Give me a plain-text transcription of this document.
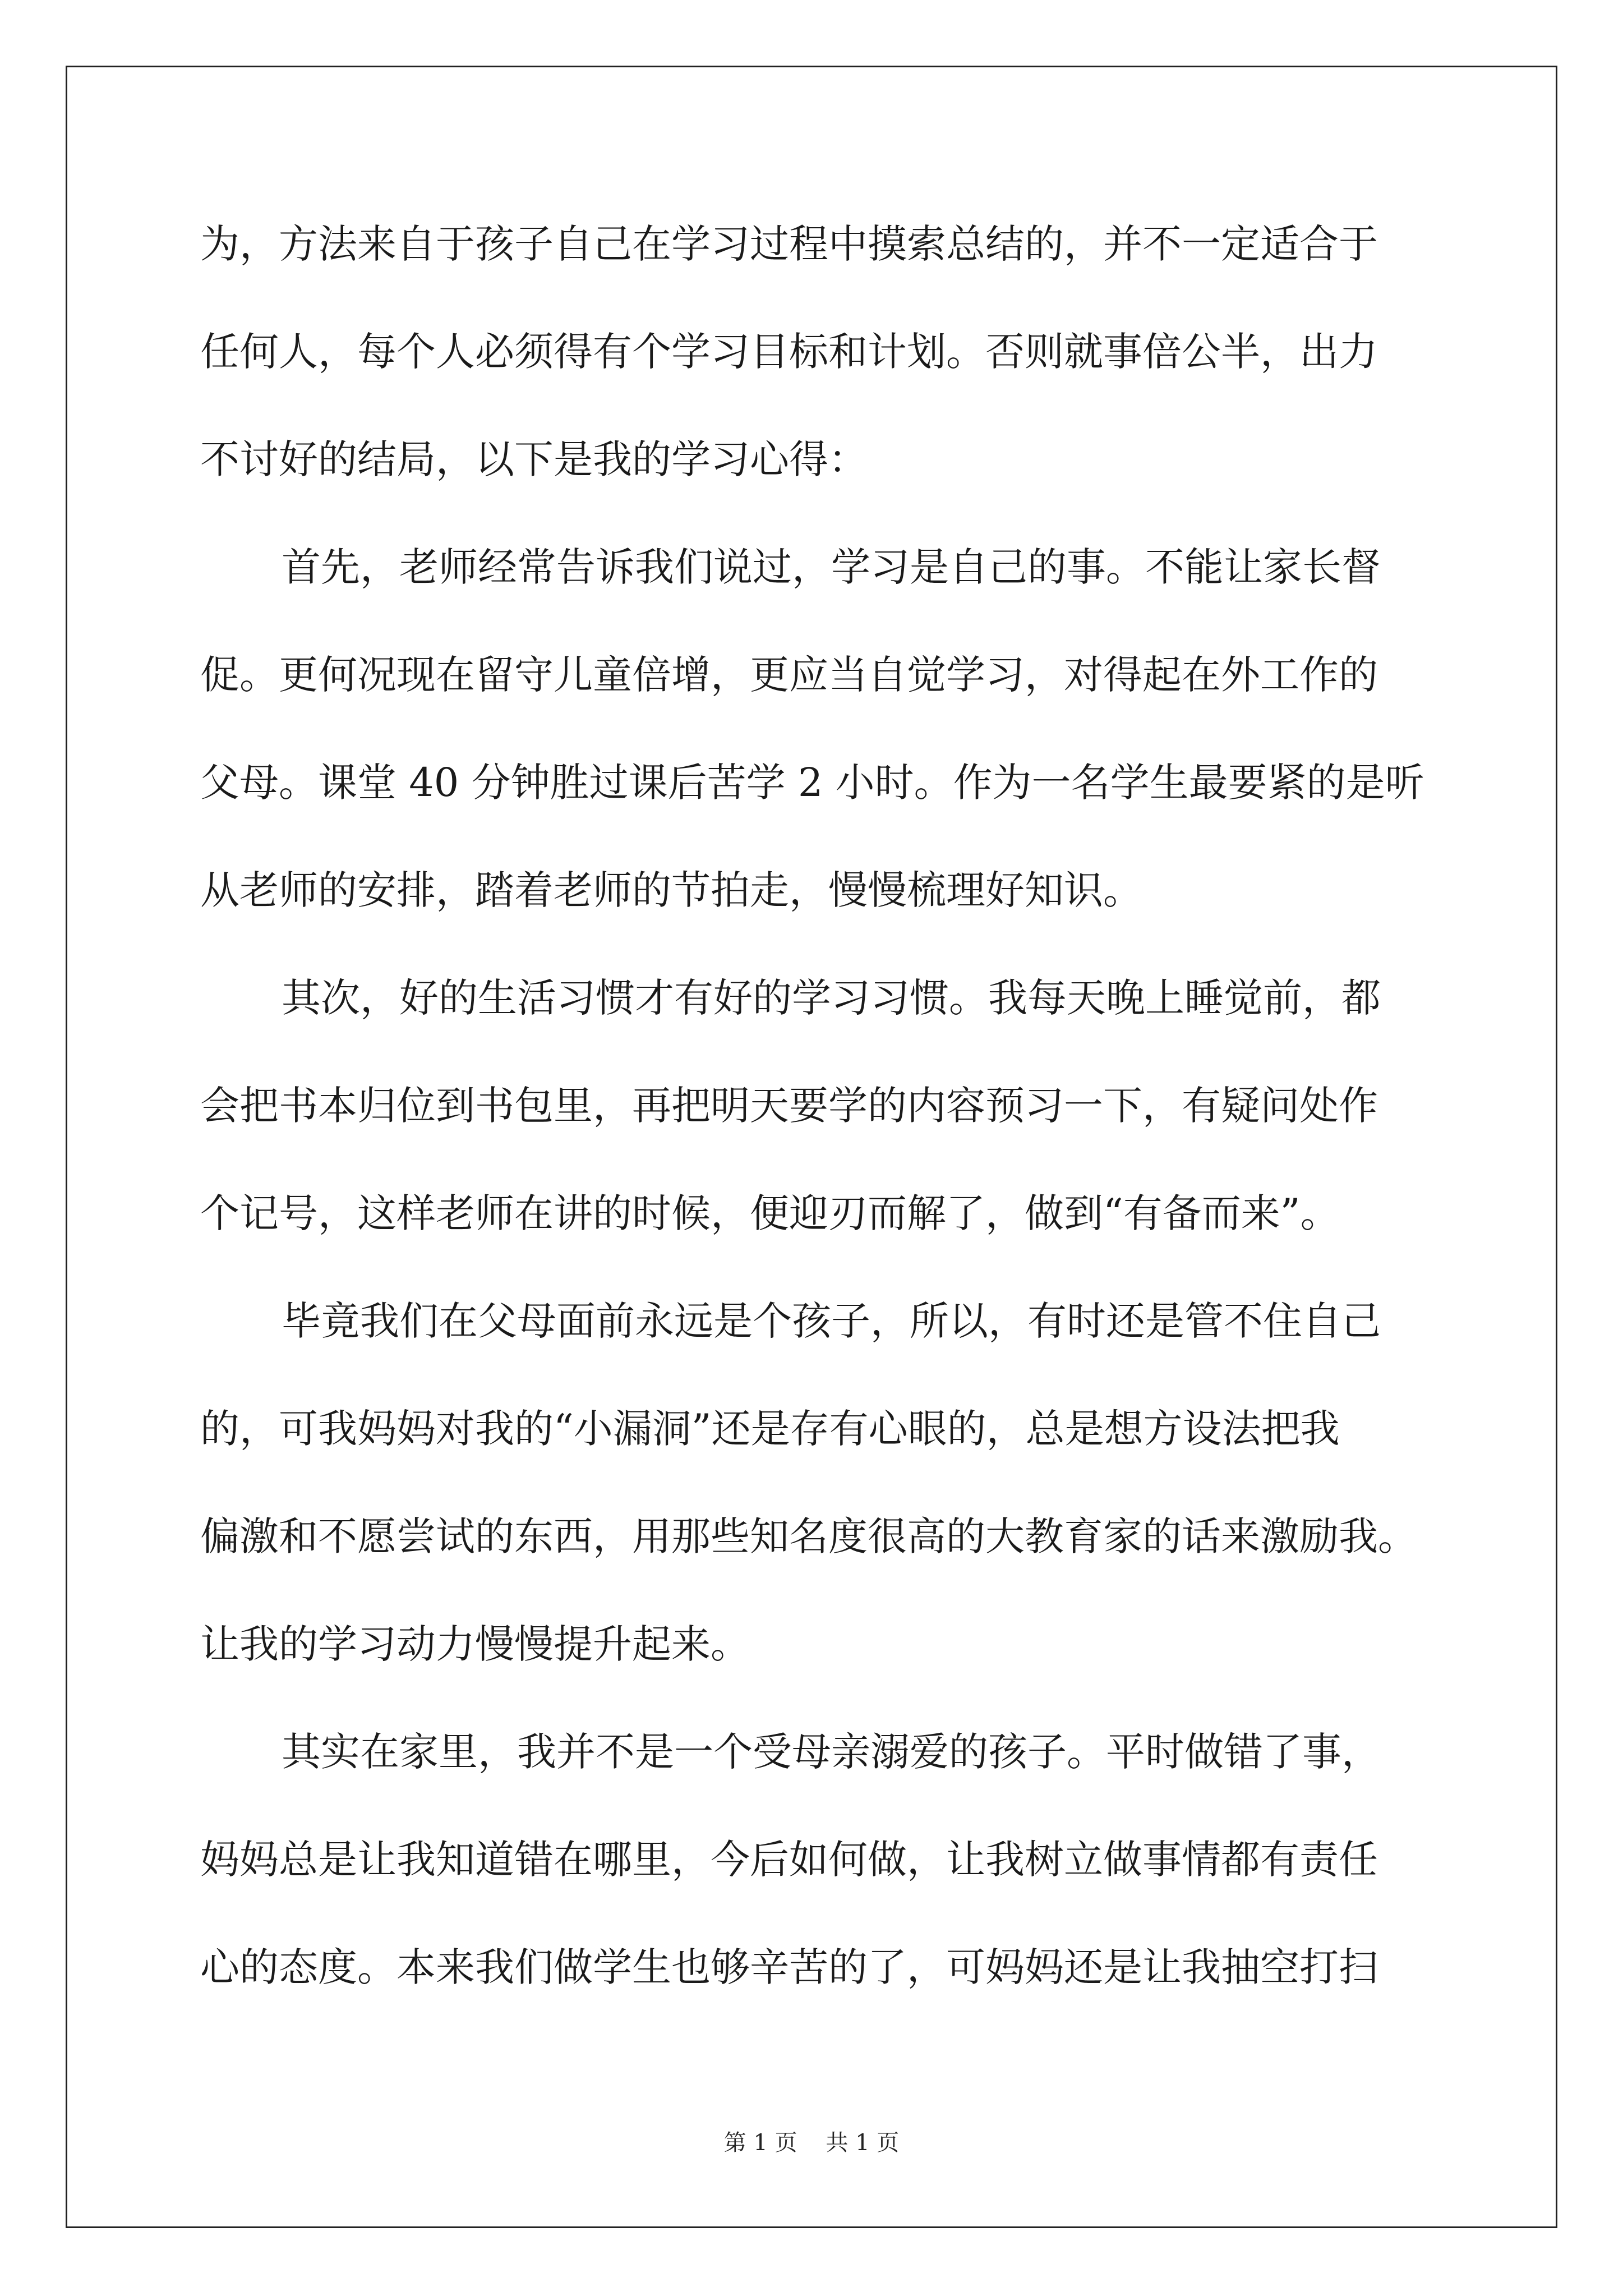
为，方法来自于孩子自己在学习过程中摸索总结的，并不一定适合于
任何人，每个人必须得有个学习目标和计划。否则就事倍公半，出力
不讨好的结局，以下是我的学习心得：
首先，老师经常告诉我们说过，学习是自己的事。不能让家长督
促。更何况现在留守儿童倍增，更应当自觉学习，对得起在外工作的
父母。课堂 40 分钟胜过课后苦学 2 小时。作为一名学生最要紧的是听
从老师的安排，踏着老师的节拍走，慢慢梳理好知识。
其次，好的生活习惯才有好的学习习惯。我每天晚上睡觉前，都
会把书本归位到书包里，再把明天要学的内容预习一下，有疑问处作
个记号，这样老师在讲的时候，便迎刃而解了，做到“有备而来”。
毕竟我们在父母面前永远是个孩子，所以，有时还是管不住自己
的，可我妈妈对我的“小漏洞”还是存有心眼的，总是想方设法把我
偏激和不愿尝试的东西，用那些知名度很高的大教育家的话来激励我。
让我的学习动力慢慢提升起来。
其实在家里，我并不是一个受母亲溺爱的孩子。平时做错了事，
妈妈总是让我知道错在哪里，今后如何做，让我树立做事情都有责任
心的态度。本来我们做学生也够辛苦的了，可妈妈还是让我抽空打扫
第 1 页    共 1 页
